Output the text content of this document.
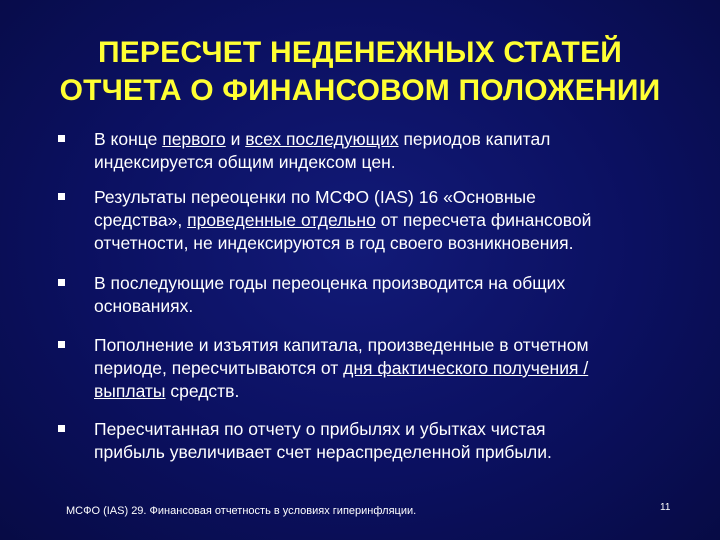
ПЕРЕСЧЕТ НЕДЕНЕЖНЫХ СТАТЕЙ
ОТЧЕТА О ФИНАНСОВОМ ПОЛОЖЕНИИ
В конце первого и всех последующих периодов капитал
индексируется общим индексом цен.
Результаты переоценки по МСФО (IAS) 16 «Основные
средства», проведенные отдельно от пересчета финансовой
отчетности, не индексируются в год своего возникновения.
В последующие годы переоценка производится на общих
основаниях.
Пополнение и изъятия капитала, произведенные в отчетном
периоде, пересчитываются от дня фактического получения /
выплаты средств.
Пересчитанная по отчету о прибылях и убытках чистая
прибыль увеличивает счет нераспределенной прибыли.
МСФО (IAS) 29. Финансовая отчетность в условиях гиперинфляции.	11
